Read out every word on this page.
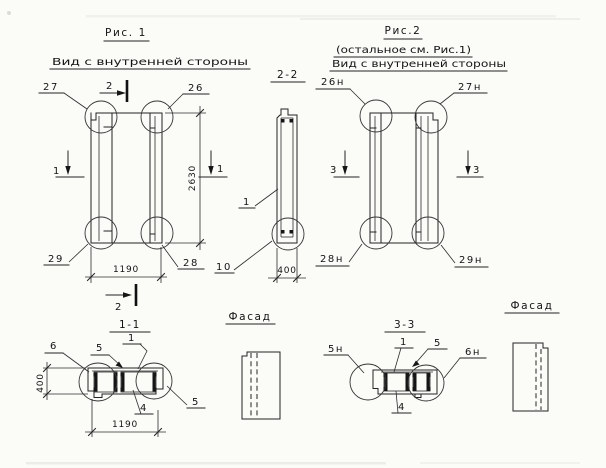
Рис. 1
Вид с внутренней стороны
27	26
29	28
2
2
1	1
2630
1190
2-2
1
10	400
Рис.2
(остальное см. Рис.1)
Вид с внутренней стороны
26н	27н
28н	29н
3	3
1-1
1
6	5
4
5
400
1190
Фасад
3-3
1
5н
5
6н
4
Фасад
